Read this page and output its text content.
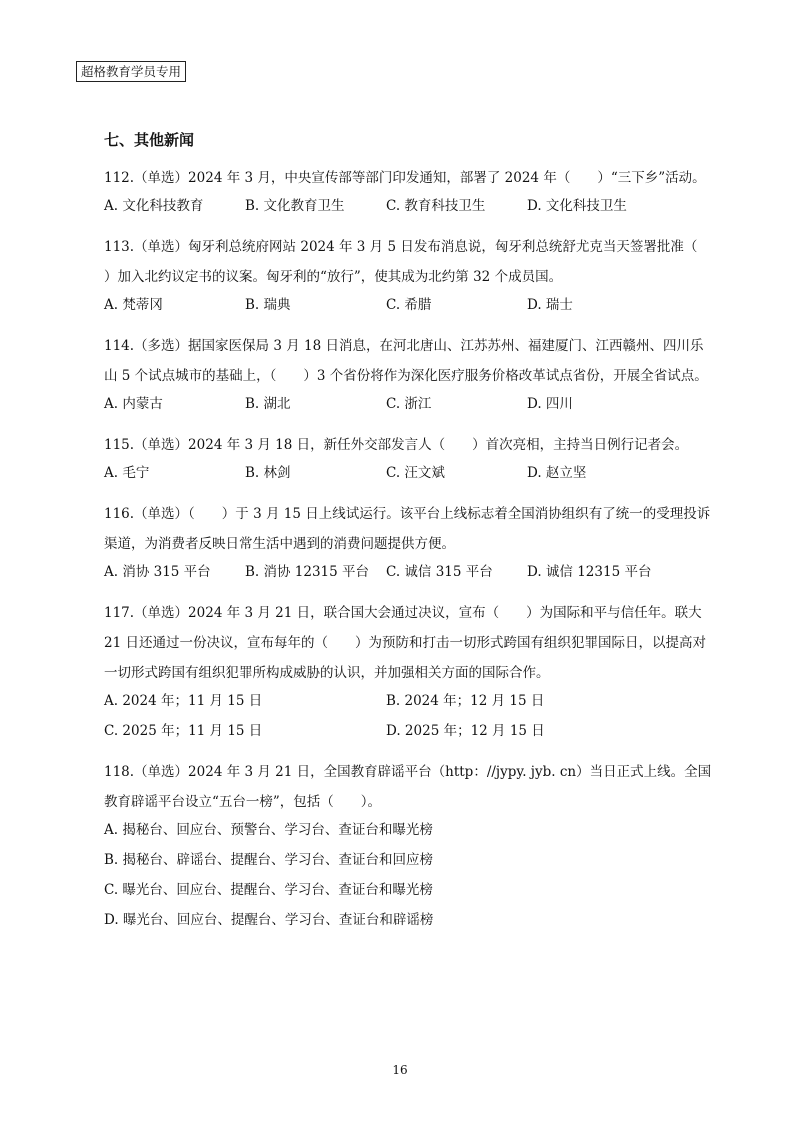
超格教育学员专用
七、其他新闻

112.（单选）2024 年 3 月，中央宣传部等部门印发通知，部署了 2024 年（　　）“三下乡”活动。

A. 文化科技教育	B. 文化教育卫生	C. 教育科技卫生	D. 文化科技卫生

113.（单选）匈牙利总统府网站 2024 年 3 月 5 日发布消息说，匈牙利总统舒尤克当天签署批准（　　）加入北约议定书的议案。匈牙利的“放行”，使其成为北约第 32 个成员国。

A. 梵蒂冈	B. 瑞典	C. 希腊	D. 瑞士

114.（多选）据国家医保局 3 月 18 日消息，在河北唐山、江苏苏州、福建厦门、江西赣州、四川乐山 5 个试点城市的基础上，（　　）3 个省份将作为深化医疗服务价格改革试点省份，开展全省试点。

A. 内蒙古	B. 湖北	C. 浙江	D. 四川

115.（单选）2024 年 3 月 18 日，新任外交部发言人（　　）首次亮相，主持当日例行记者会。

A. 毛宁	B. 林剑	C. 汪文斌	D. 赵立坚

116.（单选）（　　）于 3 月 15 日上线试运行。该平台上线标志着全国消协组织有了统一的受理投诉渠道，为消费者反映日常生活中遇到的消费问题提供方便。

A. 消协 315 平台	B. 消协 12315 平台	C. 诚信 315 平台	D. 诚信 12315 平台

117.（单选）2024 年 3 月 21 日，联合国大会通过决议，宣布（　　）为国际和平与信任年。联大 21 日还通过一份决议，宣布每年的（　　）为预防和打击一切形式跨国有组织犯罪国际日，以提高对一切形式跨国有组织犯罪所构成威胁的认识，并加强相关方面的国际合作。

A. 2024 年；11 月 15 日	B. 2024 年；12 月 15 日
C. 2025 年；11 月 15 日	D. 2025 年；12 月 15 日

118.（单选）2024 年 3 月 21 日，全国教育辟谣平台（http：//jypy. jyb. cn）当日正式上线。全国教育辟谣平台设立“五台一榜”，包括（　　）。

A. 揭秘台、回应台、预警台、学习台、查证台和曝光榜
B. 揭秘台、辟谣台、提醒台、学习台、查证台和回应榜
C. 曝光台、回应台、提醒台、学习台、查证台和曝光榜
D. 曝光台、回应台、提醒台、学习台、查证台和辟谣榜
16
